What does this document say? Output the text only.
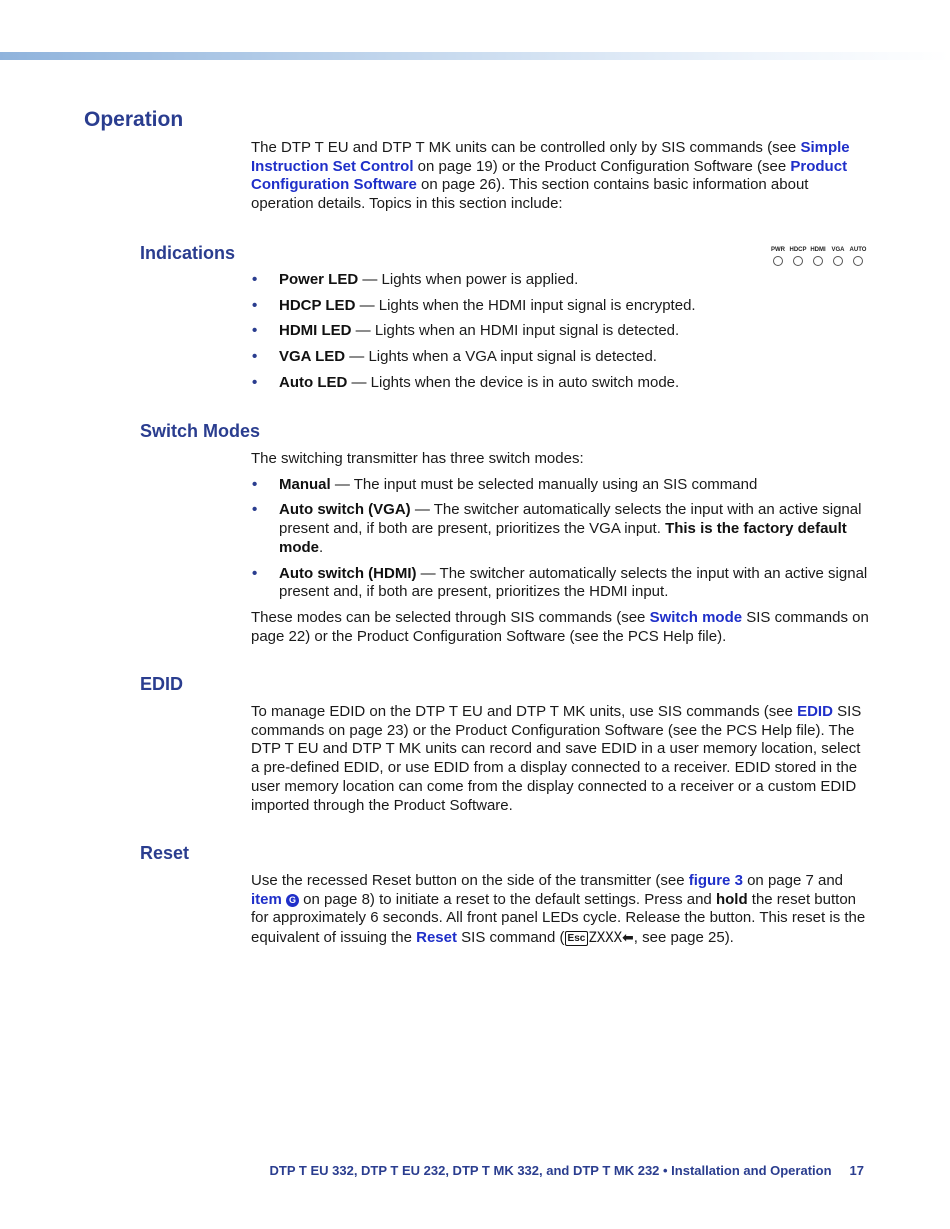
Operation

The DTP T EU and DTP T MK units can be controlled only by SIS commands (see Simple Instruction Set Control on page 19) or the Product Configuration Software (see Product Configuration Software on page 26). This section contains basic information about operation details. Topics in this section include:

Indications	PWR HDCP HDMI VGA AUTO
• Power LED — Lights when power is applied.
• HDCP LED — Lights when the HDMI input signal is encrypted.
• HDMI LED — Lights when an HDMI input signal is detected.
• VGA LED — Lights when a VGA input signal is detected.
• Auto LED — Lights when the device is in auto switch mode.
Switch Modes

The switching transmitter has three switch modes:

• Manual — The input must be selected manually using an SIS command
• Auto switch (VGA) — The switcher automatically selects the input with an active signal present and, if both are present, prioritizes the VGA input. This is the factory default mode.
• Auto switch (HDMI) — The switcher automatically selects the input with an active signal present and, if both are present, prioritizes the HDMI input.

These modes can be selected through SIS commands (see Switch mode SIS commands on page 22) or the Product Configuration Software (see the PCS Help file).

EDID

To manage EDID on the DTP T EU and DTP T MK units, use SIS commands (see EDID SIS commands on page 23) or the Product Configuration Software (see the PCS Help file). The DTP T EU and DTP T MK units can record and save EDID in a user memory location, select a pre-defined EDID, or use EDID from a display connected to a receiver. EDID stored in the user memory location can come from the display connected to a receiver or a custom EDID imported through the Product Software.

Reset

Use the recessed Reset button on the side of the transmitter (see figure 3 on page 7 and item G on page 8) to initiate a reset to the default settings. Press and hold the reset button for approximately 6 seconds. All front panel LEDs cycle. Release the button. This reset is the equivalent of issuing the Reset SIS command ( Esc ZXXX⬅, see page 25).

DTP T EU 332, DTP T EU 232, DTP T MK 332, and DTP T MK 232 • Installation and Operation 17
